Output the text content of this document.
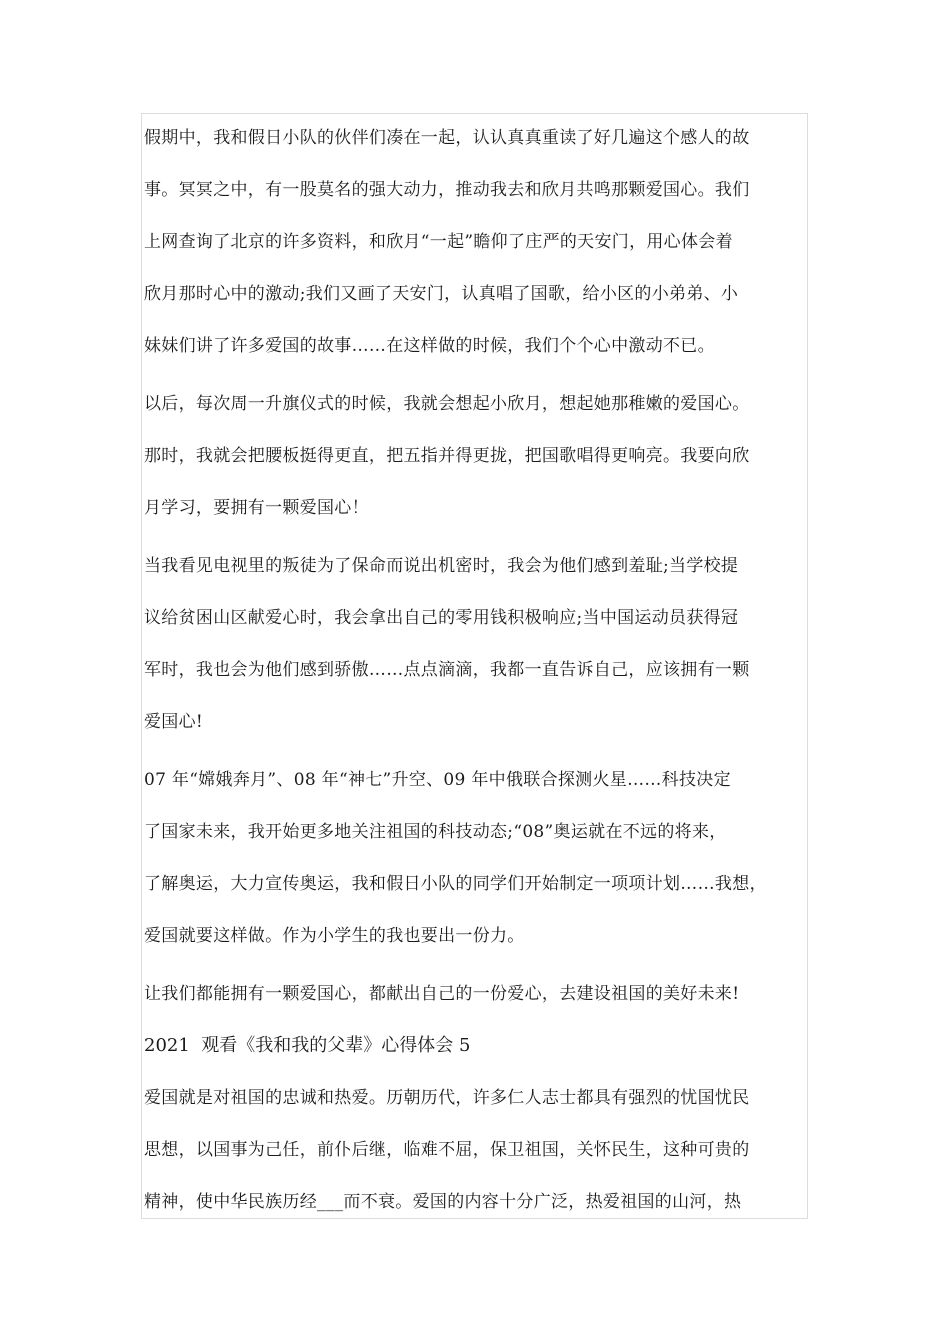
假期中，我和假日小队的伙伴们凑在一起，认认真真重读了好几遍这个感人的故
事。冥冥之中，有一股莫名的强大动力，推动我去和欣月共鸣那颗爱国心。我们
上网查询了北京的许多资料，和欣月“一起”瞻仰了庄严的天安门，用心体会着
欣月那时心中的激动;我们又画了天安门，认真唱了国歌，给小区的小弟弟、小
妹妹们讲了许多爱国的故事……在这样做的时候，我们个个心中激动不已。
以后，每次周一升旗仪式的时候，我就会想起小欣月，想起她那稚嫩的爱国心。
那时，我就会把腰板挺得更直，把五指并得更拢，把国歌唱得更响亮。我要向欣
月学习，要拥有一颗爱国心！
当我看见电视里的叛徒为了保命而说出机密时，我会为他们感到羞耻;当学校提
议给贫困山区献爱心时，我会拿出自己的零用钱积极响应;当中国运动员获得冠
军时，我也会为他们感到骄傲……点点滴滴，我都一直告诉自己，应该拥有一颗
爱国心!
07 年“嫦娥奔月”、08 年“神七”升空、09 年中俄联合探测火星……科技决定
了国家未来，我开始更多地关注祖国的科技动态;“08”奥运就在不远的将来，
了解奥运，大力宣传奥运，我和假日小队的同学们开始制定一项项计划……我想，
爱国就要这样做。作为小学生的我也要出一份力。
让我们都能拥有一颗爱国心，都献出自己的一份爱心，去建设祖国的美好未来!
2021  观看《我和我的父辈》心得体会 5
爱国就是对祖国的忠诚和热爱。历朝历代，许多仁人志士都具有强烈的忧国忧民
思想，以国事为己任，前仆后继，临难不屈，保卫祖国，关怀民生，这种可贵的
精神，使中华民族历经___而不衰。爱国的内容十分广泛，热爱祖国的山河，热
